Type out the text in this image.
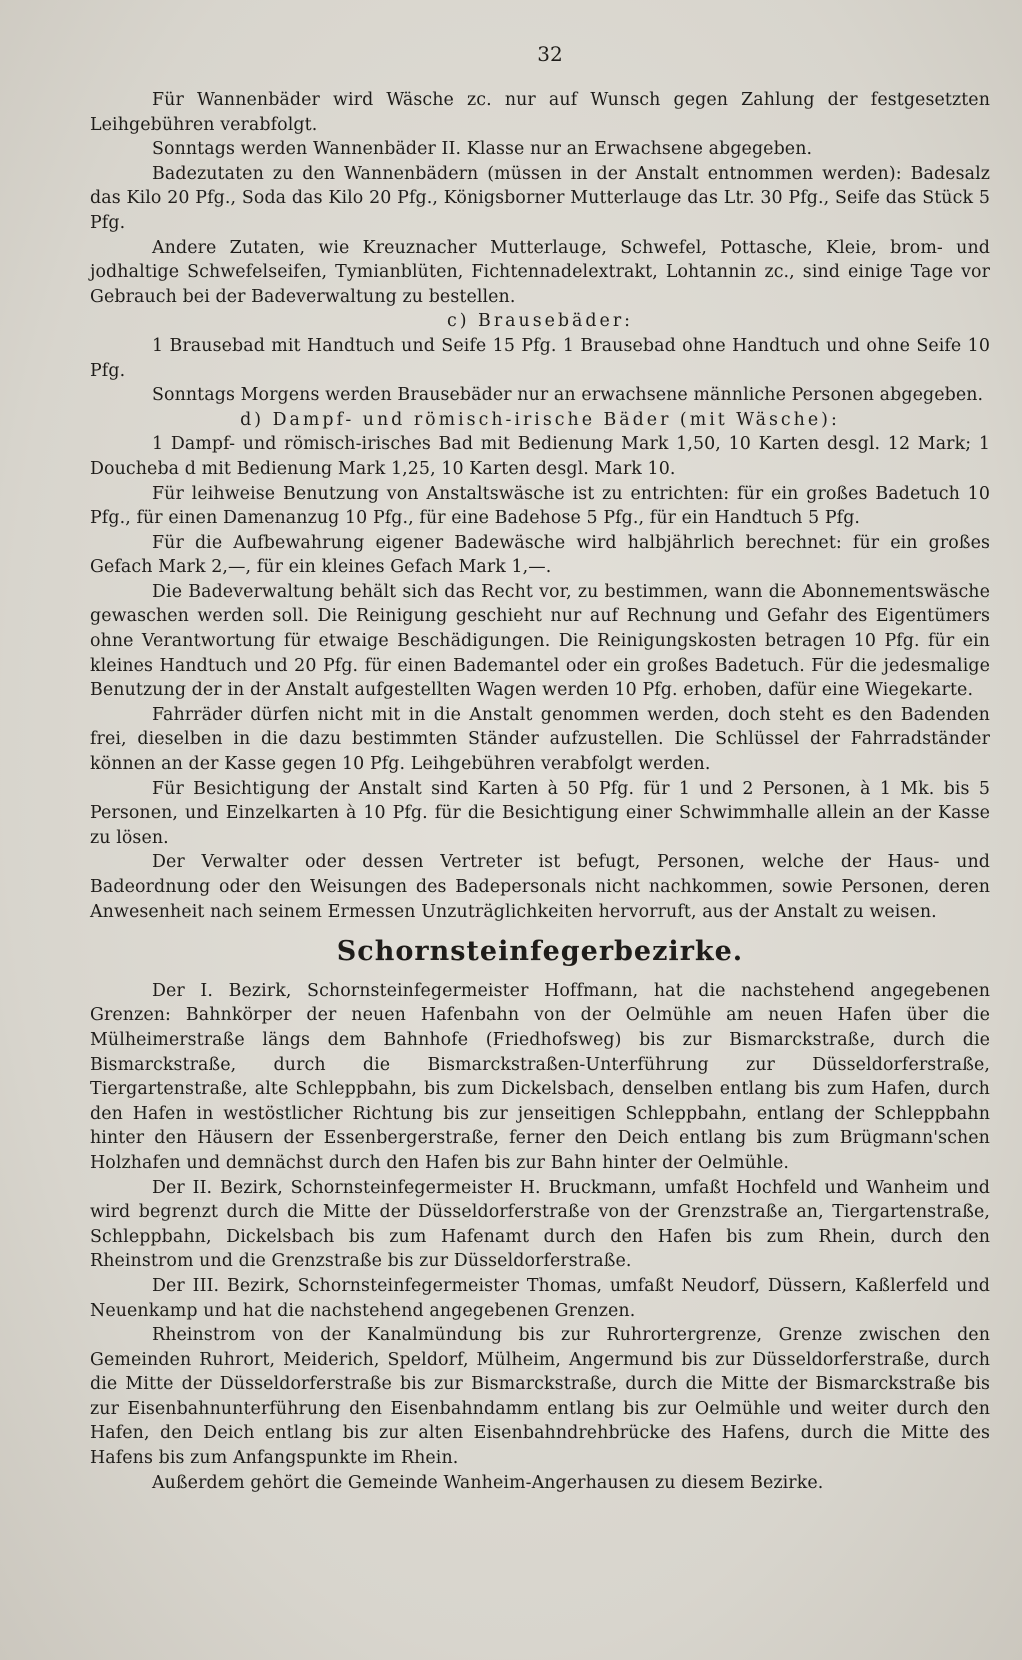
32

Für Wannenbäder wird Wäsche zc. nur auf Wunsch gegen Zahlung der festgesetzten Leihgebühren verabfolgt.

Sonntags werden Wannenbäder II. Klasse nur an Erwachsene abgegeben.

Badezutaten zu den Wannenbädern (müssen in der Anstalt entnommen werden): Badesalz das Kilo 20 Pfg., Soda das Kilo 20 Pfg., Königsborner Mutterlauge das Ltr. 30 Pfg., Seife das Stück 5 Pfg.

Andere Zutaten, wie Kreuznacher Mutterlauge, Schwefel, Pottasche, Kleie, brom- und jodhaltige Schwefelseifen, Tymianblüten, Fichtennadelextrakt, Lohtannin zc., sind einige Tage vor Gebrauch bei der Badeverwaltung zu bestellen.

c) Brausebäder:

1 Brausebad mit Handtuch und Seife 15 Pfg. 1 Brausebad ohne Handtuch und ohne Seife 10 Pfg.

Sonntags Morgens werden Brausebäder nur an erwachsene männliche Personen abgegeben.

d) Dampf- und römisch-irische Bäder (mit Wäsche):

1 Dampf- und römisch-irisches Bad mit Bedienung Mark 1,50, 10 Karten desgl. 12 Mark; 1 Doucheba d mit Bedienung Mark 1,25, 10 Karten desgl. Mark 10.

Für leihweise Benutzung von Anstaltswäsche ist zu entrichten: für ein großes Badetuch 10 Pfg., für einen Damenanzug 10 Pfg., für eine Badehose 5 Pfg., für ein Handtuch 5 Pfg.

Für die Aufbewahrung eigener Badewäsche wird halbjährlich berechnet: für ein großes Gefach Mark 2,—, für ein kleines Gefach Mark 1,—.

Die Badeverwaltung behält sich das Recht vor, zu bestimmen, wann die Abonnementswäsche gewaschen werden soll. Die Reinigung geschieht nur auf Rechnung und Gefahr des Eigentümers ohne Verantwortung für etwaige Beschädigungen. Die Reinigungskosten betragen 10 Pfg. für ein kleines Handtuch und 20 Pfg. für einen Bademantel oder ein großes Badetuch. Für die jedesmalige Benutzung der in der Anstalt aufgestellten Wagen werden 10 Pfg. erhoben, dafür eine Wiegekarte.

Fahrräder dürfen nicht mit in die Anstalt genommen werden, doch steht es den Badenden frei, dieselben in die dazu bestimmten Ständer aufzustellen. Die Schlüssel der Fahrradständer können an der Kasse gegen 10 Pfg. Leihgebühren verabfolgt werden.

Für Besichtigung der Anstalt sind Karten à 50 Pfg. für 1 und 2 Personen, à 1 Mk. bis 5 Personen, und Einzelkarten à 10 Pfg. für die Besichtigung einer Schwimmhalle allein an der Kasse zu lösen.

Der Verwalter oder dessen Vertreter ist befugt, Personen, welche der Haus- und Badeordnung oder den Weisungen des Badepersonals nicht nachkommen, sowie Personen, deren Anwesenheit nach seinem Ermessen Unzuträglichkeiten hervorruft, aus der Anstalt zu weisen.

Schornsteinfegerbezirke.

Der I. Bezirk, Schornsteinfegermeister Hoffmann, hat die nachstehend angegebenen Grenzen: Bahnkörper der neuen Hafenbahn von der Oelmühle am neuen Hafen über die Mülheimerstraße längs dem Bahnhofe (Friedhofsweg) bis zur Bismarckstraße, durch die Bismarckstraße, durch die Bismarckstraßen-Unterführung zur Düsseldorferstraße, Tiergartenstraße, alte Schleppbahn, bis zum Dickelsbach, denselben entlang bis zum Hafen, durch den Hafen in westöstlicher Richtung bis zur jenseitigen Schleppbahn, entlang der Schleppbahn hinter den Häusern der Essenbergerstraße, ferner den Deich entlang bis zum Brügmann'schen Holzhafen und demnächst durch den Hafen bis zur Bahn hinter der Oelmühle.

Der II. Bezirk, Schornsteinfegermeister H. Bruckmann, umfaßt Hochfeld und Wanheim und wird begrenzt durch die Mitte der Düsseldorferstraße von der Grenzstraße an, Tiergartenstraße, Schleppbahn, Dickelsbach bis zum Hafenamt durch den Hafen bis zum Rhein, durch den Rheinstrom und die Grenzstraße bis zur Düsseldorferstraße.

Der III. Bezirk, Schornsteinfegermeister Thomas, umfaßt Neudorf, Düssern, Kaßlerfeld und Neuenkamp und hat die nachstehend angegebenen Grenzen.

Rheinstrom von der Kanalmündung bis zur Ruhrortergrenze, Grenze zwischen den Gemeinden Ruhrort, Meiderich, Speldorf, Mülheim, Angermund bis zur Düsseldorferstraße, durch die Mitte der Düsseldorferstraße bis zur Bismarckstraße, durch die Mitte der Bismarckstraße bis zur Eisenbahnunterführung den Eisenbahndamm entlang bis zur Oelmühle und weiter durch den Hafen, den Deich entlang bis zur alten Eisenbahndrehbrücke des Hafens, durch die Mitte des Hafens bis zum Anfangspunkte im Rhein.

Außerdem gehört die Gemeinde Wanheim-Angerhausen zu diesem Bezirke.
